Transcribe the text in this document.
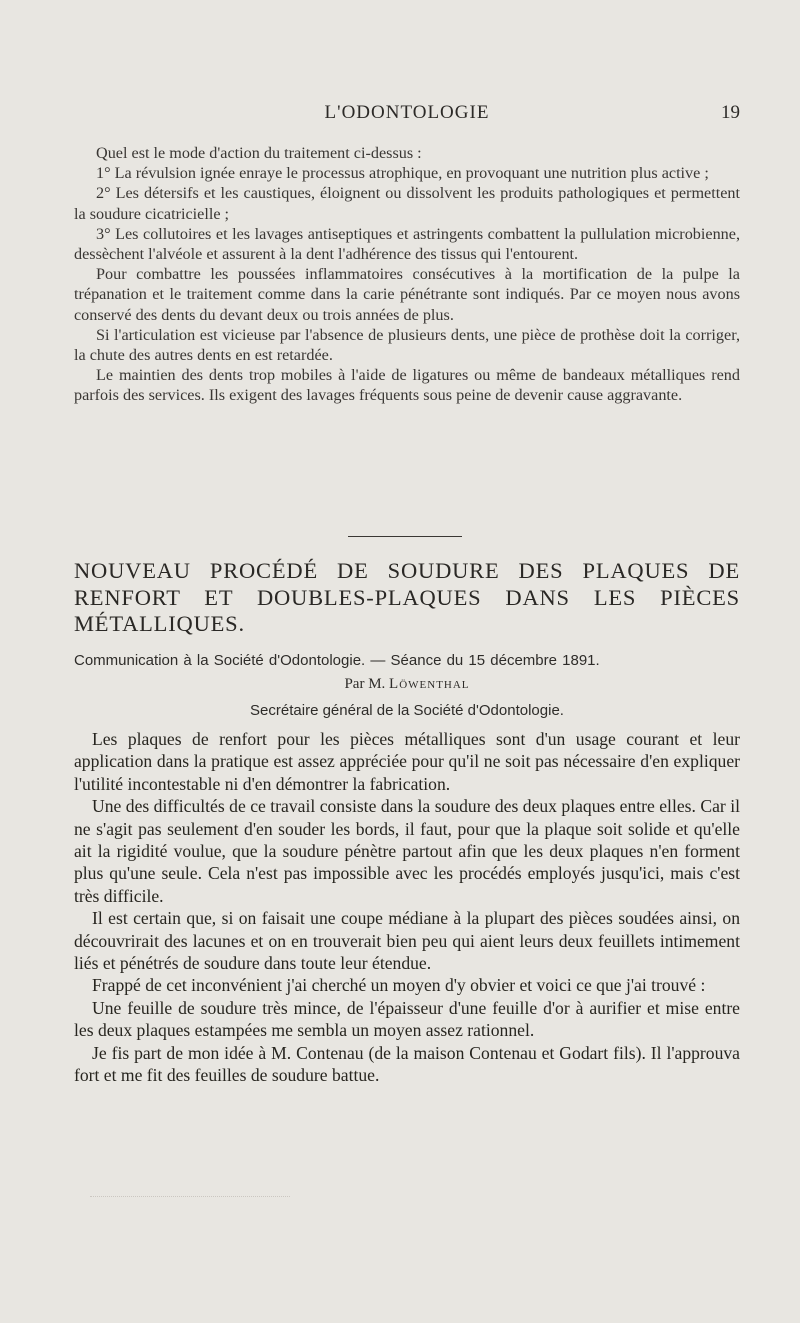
L'ODONTOLOGIE	19

Quel est le mode d'action du traitement ci-dessus :

1° La révulsion ignée enraye le processus atrophique, en provoquant une nutrition plus active ;

2° Les détersifs et les caustiques, éloignent ou dissolvent les produits pathologiques et permettent la soudure cicatricielle ;

3° Les collutoires et les lavages antiseptiques et astringents combattent la pullulation microbienne, dessèchent l'alvéole et assurent à la dent l'adhérence des tissus qui l'entourent.

Pour combattre les poussées inflammatoires consécutives à la mortification de la pulpe la trépanation et le traitement comme dans la carie pénétrante sont indiqués. Par ce moyen nous avons conservé des dents du devant deux ou trois années de plus.

Si l'articulation est vicieuse par l'absence de plusieurs dents, une pièce de prothèse doit la corriger, la chute des autres dents en est retardée.

Le maintien des dents trop mobiles à l'aide de ligatures ou même de bandeaux métalliques rend parfois des services. Ils exigent des lavages fréquents sous peine de devenir cause aggravante.

NOUVEAU PROCÉDÉ DE SOUDURE DES PLAQUES DE RENFORT ET DOUBLES-PLAQUES DANS LES PIÈCES MÉTALLIQUES.

Communication à la Société d'Odontologie. — Séance du 15 décembre 1891.

Par M. Löwenthal

Secrétaire général de la Société d'Odontologie.

Les plaques de renfort pour les pièces métalliques sont d'un usage courant et leur application dans la pratique est assez appréciée pour qu'il ne soit pas nécessaire d'en expliquer l'utilité incontestable ni d'en démontrer la fabrication.

Une des difficultés de ce travail consiste dans la soudure des deux plaques entre elles. Car il ne s'agit pas seulement d'en souder les bords, il faut, pour que la plaque soit solide et qu'elle ait la rigidité voulue, que la soudure pénètre partout afin que les deux plaques n'en forment plus qu'une seule. Cela n'est pas impossible avec les procédés employés jusqu'ici, mais c'est très difficile.

Il est certain que, si on faisait une coupe médiane à la plupart des pièces soudées ainsi, on découvrirait des lacunes et on en trouverait bien peu qui aient leurs deux feuillets intimement liés et pénétrés de soudure dans toute leur étendue.

Frappé de cet inconvénient j'ai cherché un moyen d'y obvier et voici ce que j'ai trouvé :

Une feuille de soudure très mince, de l'épaisseur d'une feuille d'or à aurifier et mise entre les deux plaques estampées me sembla un moyen assez rationnel.

Je fis part de mon idée à M. Contenau (de la maison Contenau et Godart fils). Il l'approuva fort et me fit des feuilles de soudure battue.
